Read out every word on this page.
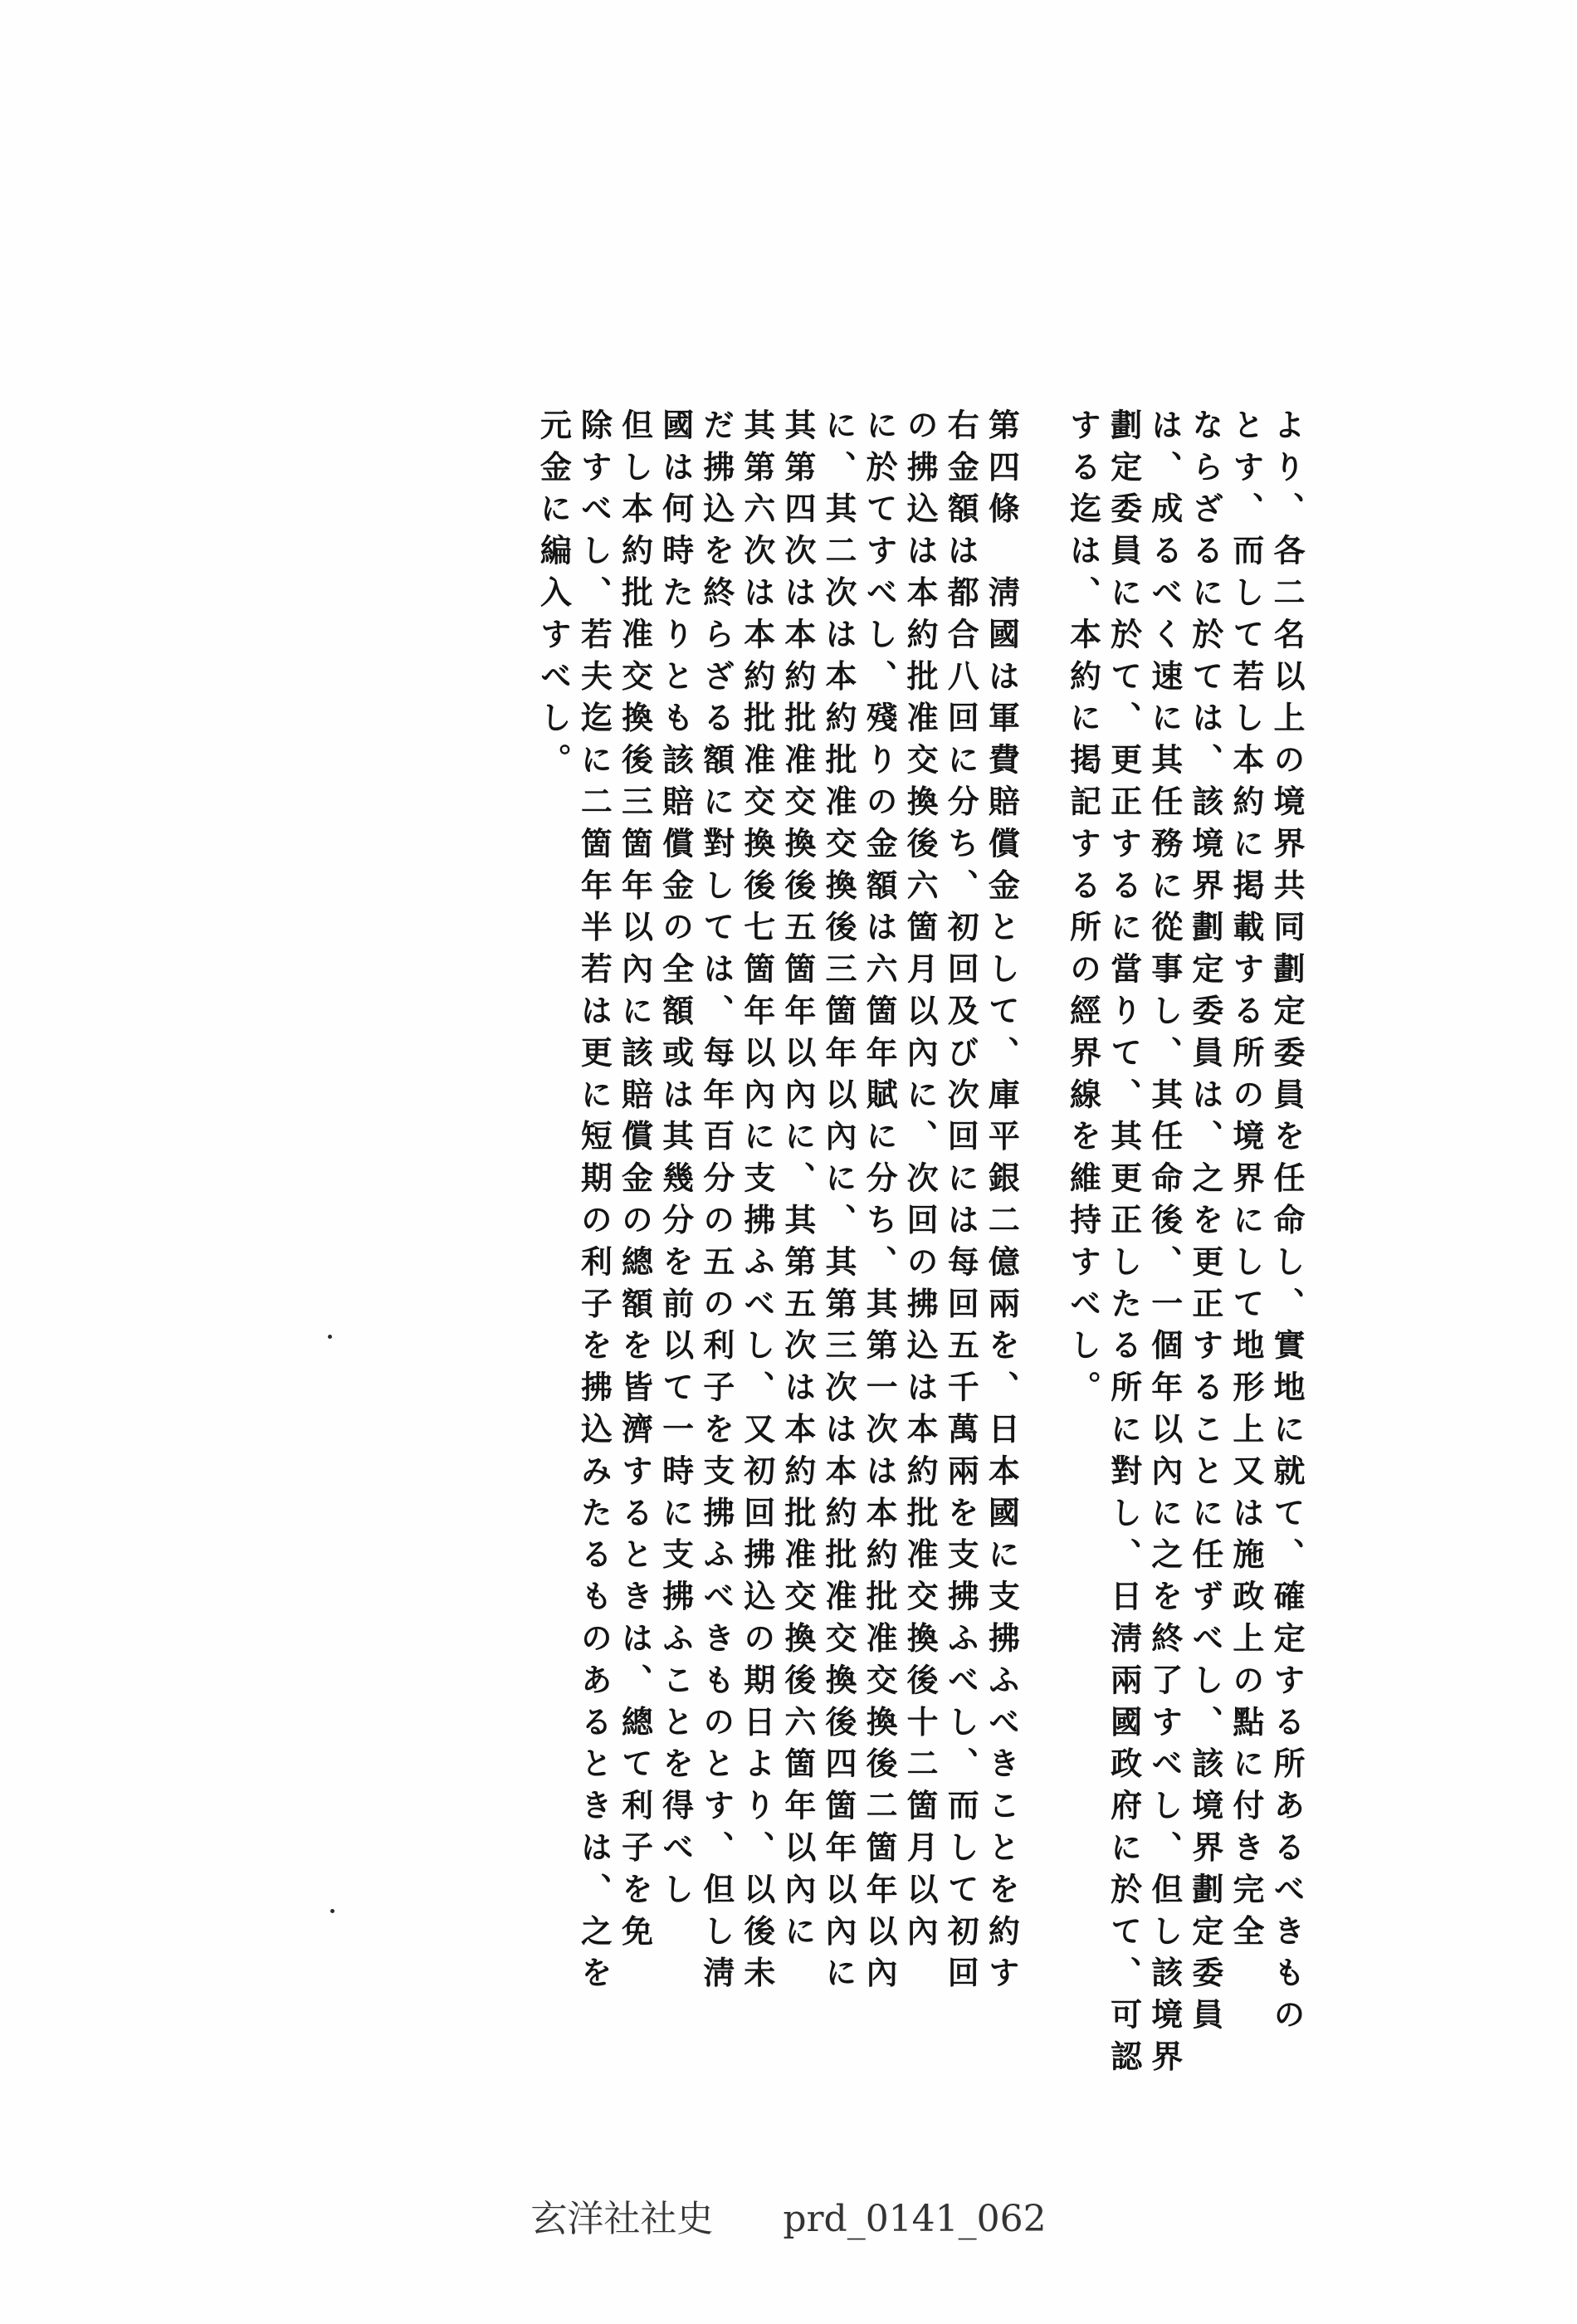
より、各二名以上の境界共同劃定委員を任命し、實地に就て、確定する所あるべきもの
とす、而して若し本約に掲載する所の境界にして地形上又は施政上の點に付き完全
ならざるに於ては、該境界劃定委員は、之を更正することに任ずべし、該境界劃定委員
は、成るべく速に其任務に從事し、其任命後、一個年以內に之を終了すべし、但し該境界
劃定委員に於て、更正するに當りて、其更正したる所に對し、日淸兩國政府に於て、可認
する迄は、本約に掲記する所の經界線を維持すべし。
第四條　淸國は軍費賠償金として、庫平銀二億兩を、日本國に支拂ふべきことを約す
右金額は都合八回に分ち、初回及び次回には每回五千萬兩を支拂ふべし、而して初回
の拂込は本約批准交換後六箇月以內に、次回の拂込は本約批准交換後十二箇月以內
に於てすべし、殘りの金額は六箇年賦に分ち、其第一次は本約批准交換後二箇年以內
に、其二次は本約批准交換後三箇年以內に、其第三次は本約批准交換後四箇年以內に
其第四次は本約批准交換後五箇年以內に、其第五次は本約批准交換後六箇年以內に
其第六次は本約批准交換後七箇年以內に支拂ふべし、又初回拂込の期日より、以後未
だ拂込を終らざる額に對しては、每年百分の五の利子を支拂ふべきものとす、但し淸
國は何時たりとも該賠償金の全額或は其幾分を前以て一時に支拂ふことを得べし
但し本約批准交換後三箇年以內に該賠償金の總額を皆濟するときは、總て利子を免
除すべし、若夫迄に二箇年半若は更に短期の利子を拂込みたるものあるときは、之を
元金に編入すべし。
玄洋社社史 prd_0141_062
